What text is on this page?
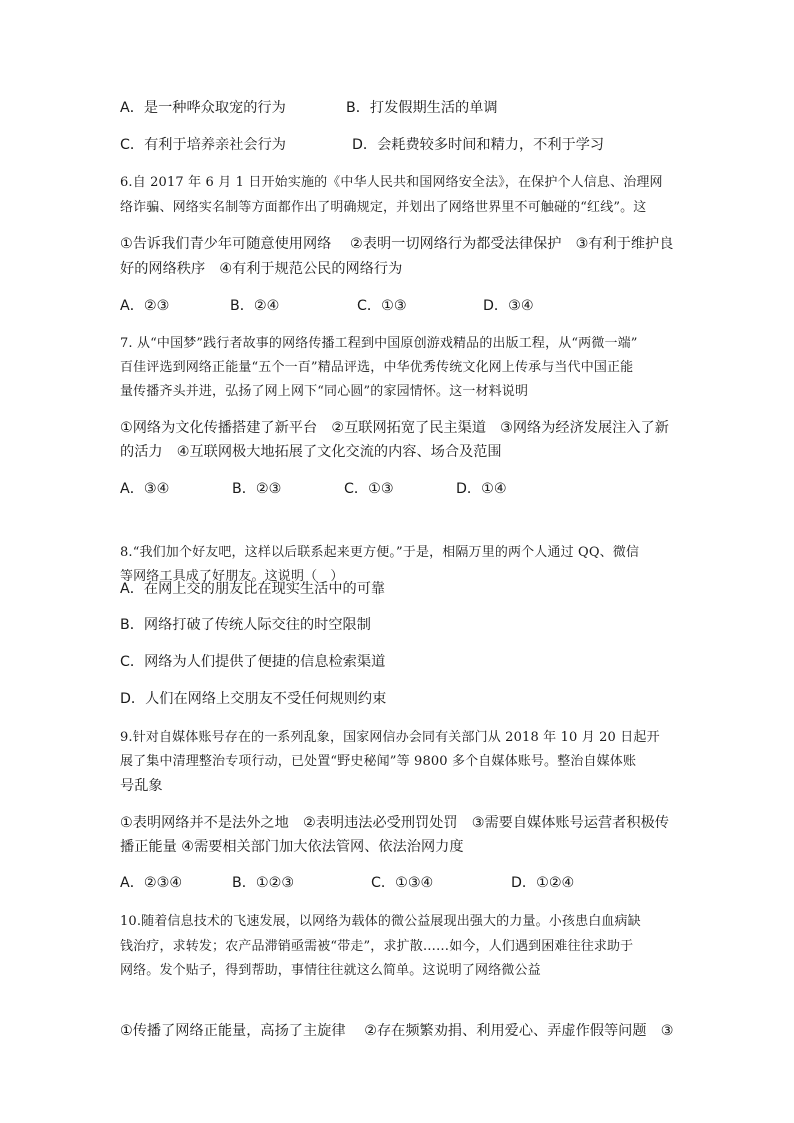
A．是一种哗众取宠的行为	B．打发假期生活的单调
C．有利于培养亲社会行为	D．会耗费较多时间和精力，不利于学习
6.自 2017 年 6 月 1 日开始实施的《中华人民共和国网络安全法》，在保护个人信息、治理网
络诈骗、网络实名制等方面都作出了明确规定，并划出了网络世界里不可触碰的“红线”。这
①告诉我们青少年可随意使用网络　 ②表明一切网络行为都受法律保护　③有利于维护良
好的网络秩序　④有利于规范公民的网络行为
A．②③	B．②④	C．①③	D．③④
7. 从“中国梦”践行者故事的网络传播工程到中国原创游戏精品的出版工程，从“两微一端”
百佳评选到网络正能量“五个一百”精品评选，中华优秀传统文化网上传承与当代中国正能
量传播齐头并进，弘扬了网上网下“同心圆”的家园情怀。这一材料说明
①网络为文化传播搭建了新平台　②互联网拓宽了民主渠道　③网络为经济发展注入了新
的活力　④互联网极大地拓展了文化交流的内容、场合及范围
A．③④	B．②③	C．①③	D．①④
8.“我们加个好友吧，这样以后联系起来更方便。”于是，相隔万里的两个人通过 QQ、微信
等网络工具成了好朋友。这说明（　）
A．在网上交的朋友比在现实生活中的可靠
B．网络打破了传统人际交往的时空限制
C．网络为人们提供了便捷的信息检索渠道
D．人们在网络上交朋友不受任何规则约束
9.针对自媒体账号存在的一系列乱象，国家网信办会同有关部门从 2018 年 10 月 20 日起开
展了集中清理整治专项行动，已处置“野史秘闻”等 9800 多个自媒体账号。整治自媒体账
号乱象
①表明网络并不是法外之地　②表明违法必受刑罚处罚　③需要自媒体账号运营者积极传
播正能量 ④需要相关部门加大依法管网、依法治网力度
A．②③④	B．①②③	C．①③④	D．①②④
10.随着信息技术的飞速发展，以网络为载体的微公益展现出强大的力量。小孩患白血病缺
钱治疗，求转发；农产品滞销亟需被“带走”，求扩散……如今，人们遇到困难往往求助于
网络。发个贴子，得到帮助，事情往往就这么简单。这说明了网络微公益
①传播了网络正能量，高扬了主旋律　 ②存在频繁劝捐、利用爱心、弄虚作假等问题　③
